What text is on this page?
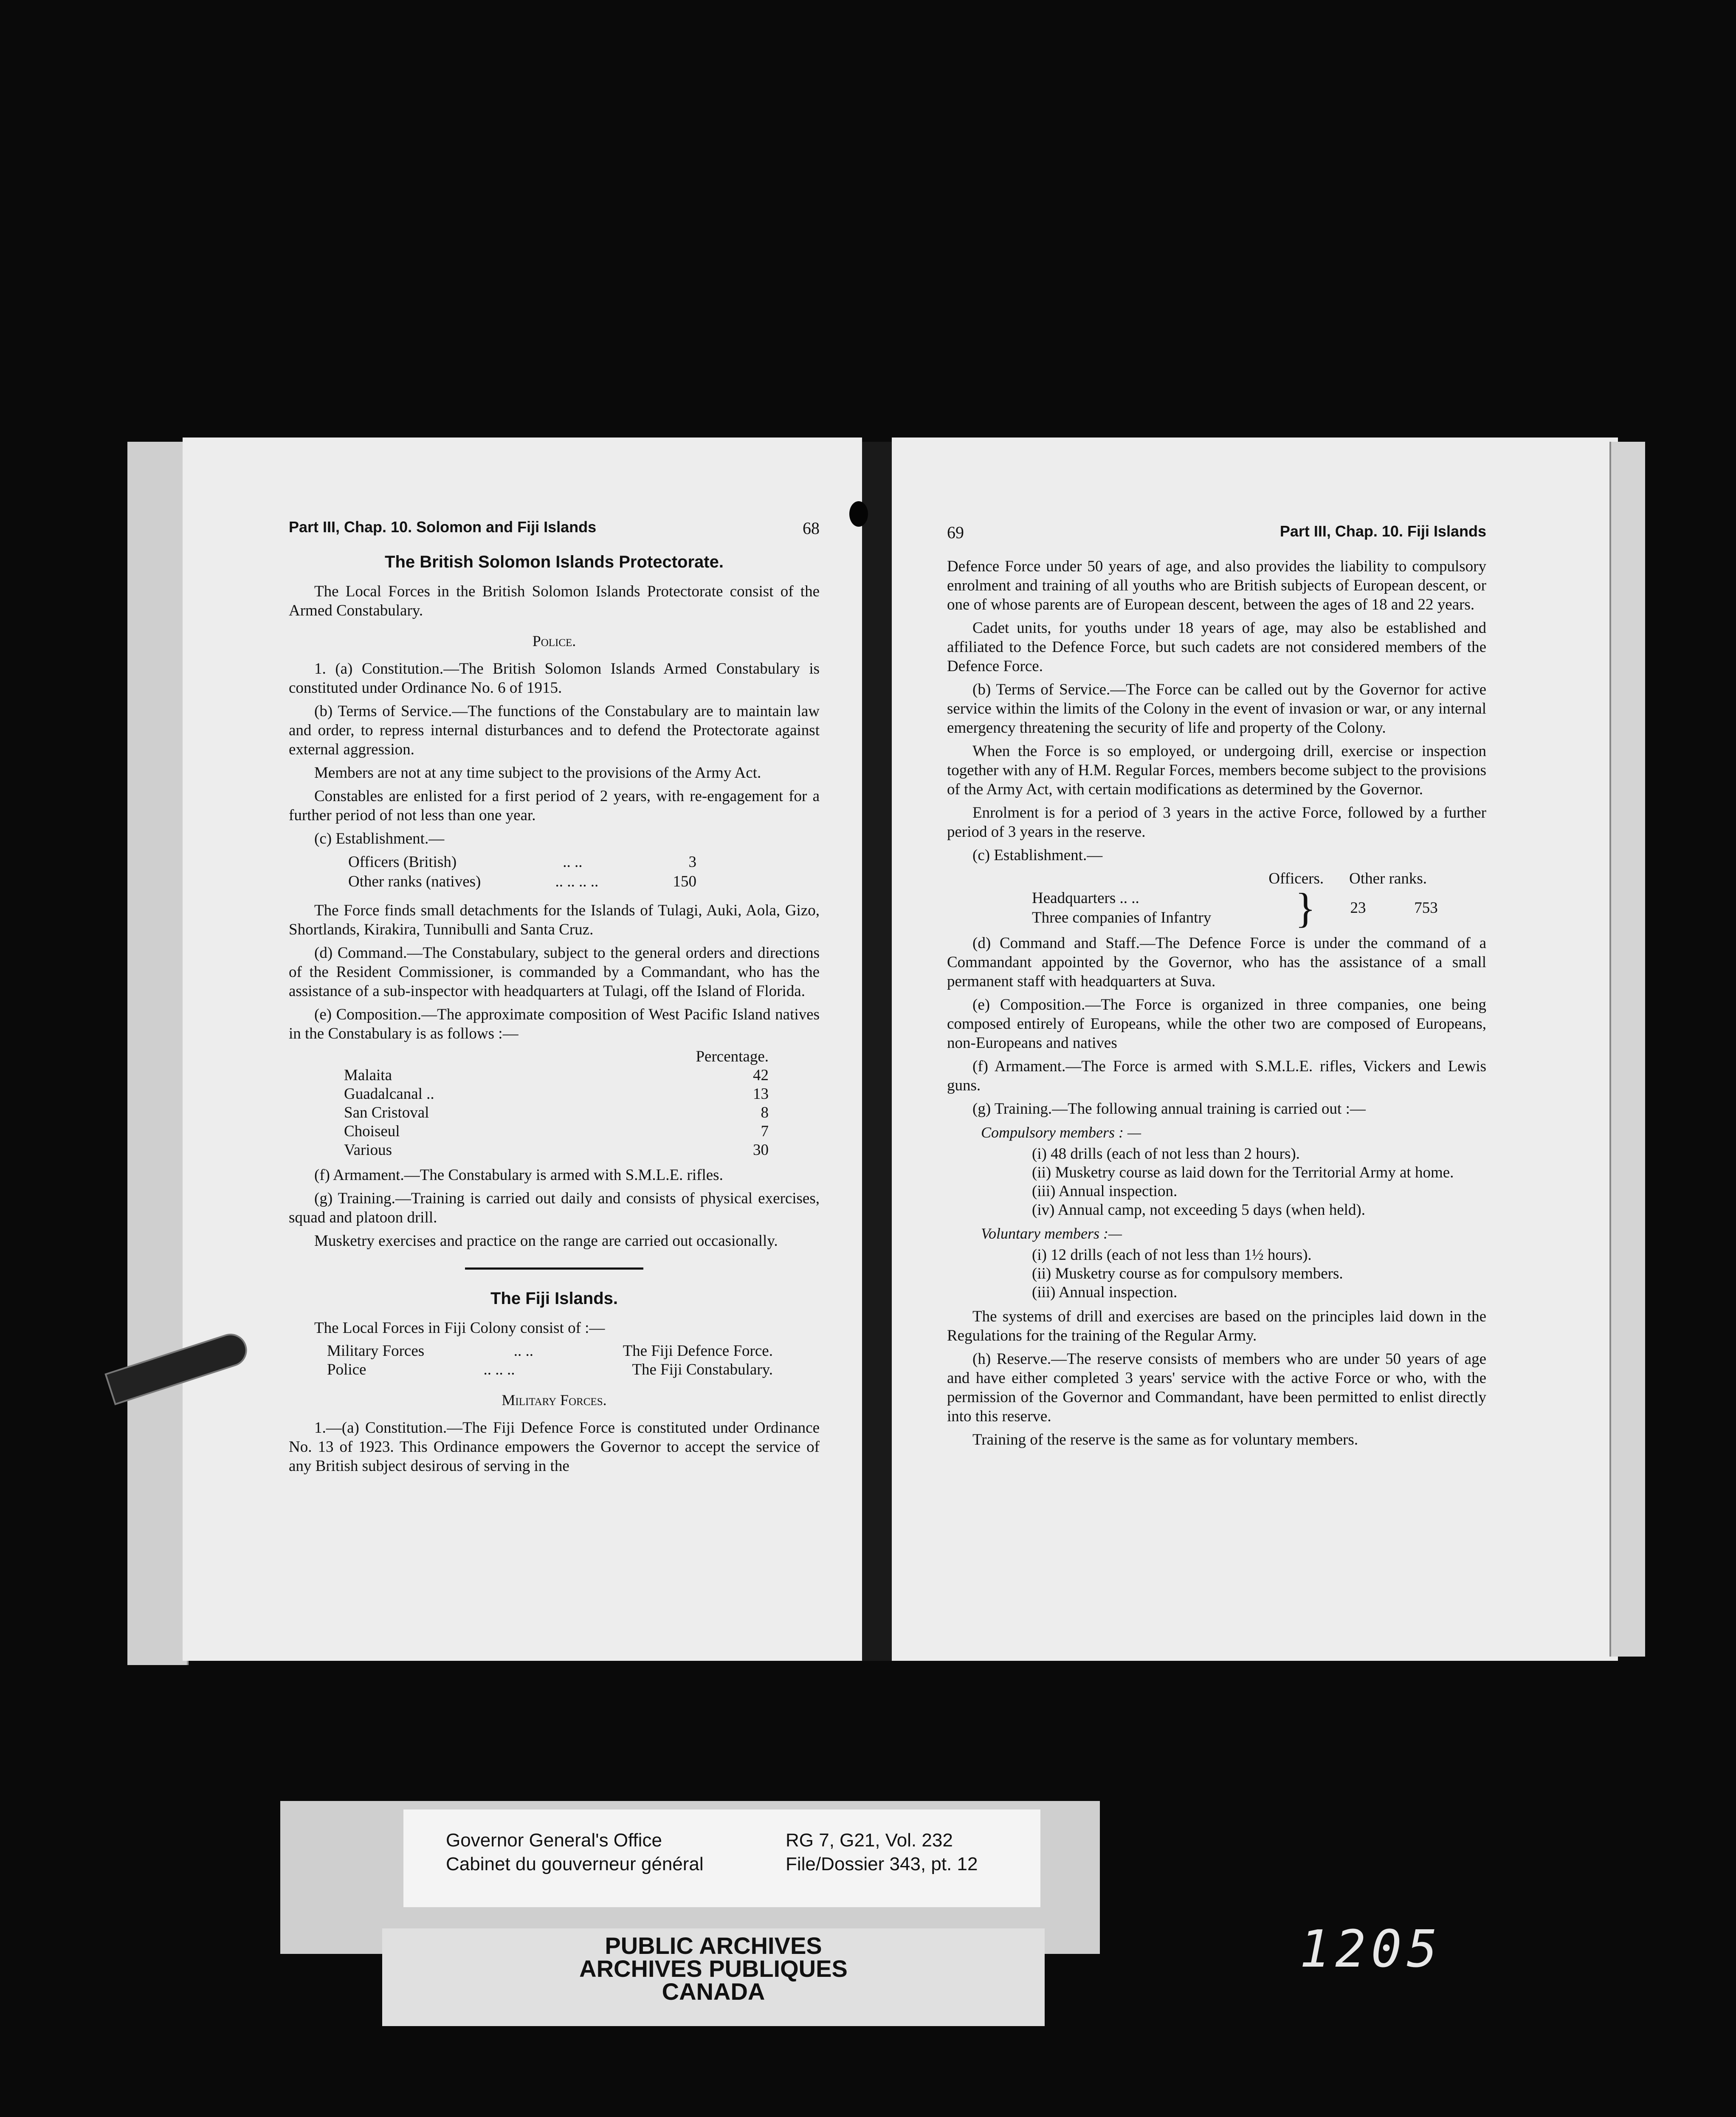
Part III, Chap. 10. Solomon and Fiji Islands	68
The British Solomon Islands Protectorate.

The Local Forces in the British Solomon Islands Protectorate consist of the Armed Constabulary.

Police.

1. (a) Constitution.—The British Solomon Islands Armed Constabulary is constituted under Ordinance No. 6 of 1915.

(b) Terms of Service.—The functions of the Constabulary are to maintain law and order, to repress internal disturbances and to defend the Protectorate against external aggression.

Members are not at any time subject to the provisions of the Army Act.

Constables are enlisted for a first period of 2 years, with re-engagement for a further period of not less than one year.

(c) Establishment.—

Officers (British)	.. ..	3
Other ranks (natives)	.. .. .. ..	150

The Force finds small detachments for the Islands of Tulagi, Auki, Aola, Gizo, Shortlands, Kirakira, Tunnibulli and Santa Cruz.

(d) Command.—The Constabulary, subject to the general orders and directions of the Resident Commissioner, is commanded by a Commandant, who has the assistance of a sub-inspector with headquarters at Tulagi, off the Island of Florida.

(e) Composition.—The approximate composition of West Pacific Island natives in the Constabulary is as follows :—

Percentage.
Malaita	42
Guadalcanal ..	13
San Cristoval	8
Choiseul	7
Various	30

(f) Armament.—The Constabulary is armed with S.M.L.E. rifles.

(g) Training.—Training is carried out daily and consists of physical exercises, squad and platoon drill.

Musketry exercises and practice on the range are carried out occasionally.

The Fiji Islands.

The Local Forces in Fiji Colony consist of :—

Military Forces	.. ..	The Fiji Defence Force.
Police	.. .. ..	The Fiji Constabulary.
Military Forces.

1.—(a) Constitution.—The Fiji Defence Force is constituted under Ordinance No. 13 of 1923. This Ordinance empowers the Governor to accept the service of any British subject desirous of serving in the

69	Part III, Chap. 10. Fiji Islands

Defence Force under 50 years of age, and also provides the liability to compulsory enrolment and training of all youths who are British subjects of European descent, or one of whose parents are of European descent, between the ages of 18 and 22 years.

Cadet units, for youths under 18 years of age, may also be established and affiliated to the Defence Force, but such cadets are not considered members of the Defence Force.

(b) Terms of Service.—The Force can be called out by the Governor for active service within the limits of the Colony in the event of invasion or war, or any internal emergency threatening the security of life and property of the Colony.

When the Force is so employed, or undergoing drill, exercise or inspection together with any of H.M. Regular Forces, members become subject to the provisions of the Army Act, with certain modifications as determined by the Governor.

Enrolment is for a period of 3 years in the active Force, followed by a further period of 3 years in the reserve.

(c) Establishment.—

Officers. Other ranks.
Headquarters .. ..
Three companies of Infantry	}	23	753

(d) Command and Staff.—The Defence Force is under the command of a Commandant appointed by the Governor, who has the assistance of a small permanent staff with headquarters at Suva.

(e) Composition.—The Force is organized in three companies, one being composed entirely of Europeans, while the other two are composed of Europeans, non-Europeans and natives

(f) Armament.—The Force is armed with S.M.L.E. rifles, Vickers and Lewis guns.

(g) Training.—The following annual training is carried out :—

Compulsory members : —
(i) 48 drills (each of not less than 2 hours).
(ii) Musketry course as laid down for the Territorial Army at home.
(iii) Annual inspection.
(iv) Annual camp, not exceeding 5 days (when held).
Voluntary members :—
(i) 12 drills (each of not less than 1½ hours).
(ii) Musketry course as for compulsory members.
(iii) Annual inspection.

The systems of drill and exercises are based on the principles laid down in the Regulations for the training of the Regular Army.

(h) Reserve.—The reserve consists of members who are under 50 years of age and have either completed 3 years' service with the active Force or who, with the permission of the Governor and Commandant, have been permitted to enlist directly into this reserve.

Training of the reserve is the same as for voluntary members.

Governor General's Office
Cabinet du gouverneur général
RG 7, G21, Vol. 232
File/Dossier 343, pt. 12
PUBLIC ARCHIVES
ARCHIVES PUBLIQUES
CANADA
1205
